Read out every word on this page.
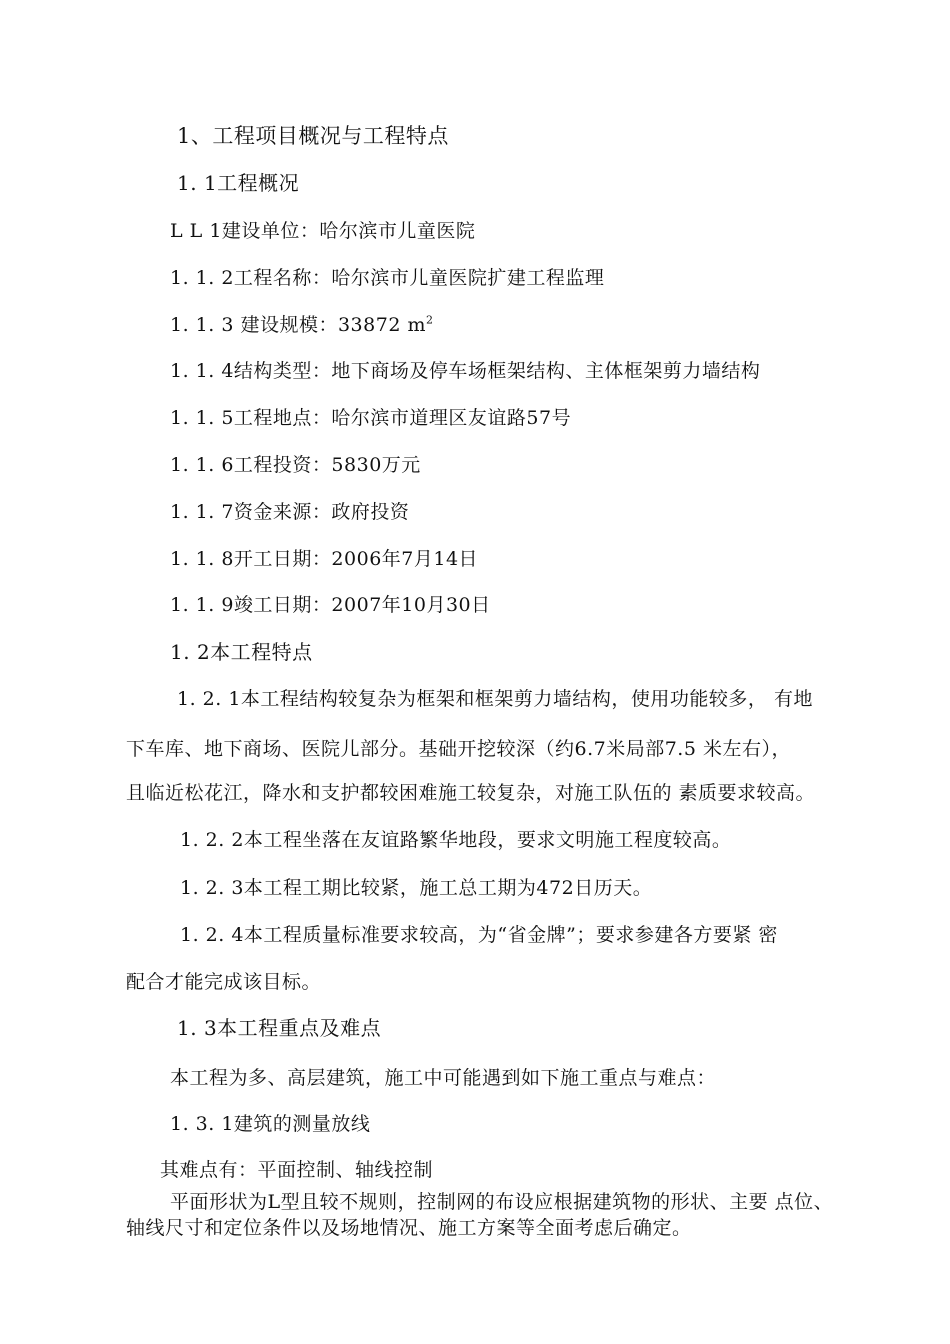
1、工程项目概况与工程特点
1. 1工程概况
L L 1建设单位：哈尔滨市儿童医院
1. 1. 2工程名称：哈尔滨市儿童医院扩建工程监理
1. 1. 3 建设规模：33872 $m^2$
1. 1. 4结构类型：地下商场及停车场框架结构、主体框架剪力墙结构
1. 1. 5工程地点：哈尔滨市道理区友谊路57号
1. 1. 6工程投资：5830万元
1. 1. 7资金来源：政府投资
1. 1. 8开工日期：2006年7月14日
1. 1. 9竣工日期：2007年10月30日
1. 2本工程特点
1. 2. 1本工程结构较复杂为框架和框架剪力墙结构，使用功能较多， 有地
下车库、地下商场、医院儿部分。基础开挖较深（约6.7米局部7.5 米左右），
且临近松花江，降水和支护都较困难施工较复杂，对施工队伍的 素质要求较高。
1. 2. 2本工程坐落在友谊路繁华地段，要求文明施工程度较高。
1. 2. 3本工程工期比较紧，施工总工期为472日历天。
1. 2. 4本工程质量标准要求较高，为“省金牌”；要求参建各方要紧 密
配合才能完成该目标。
1. 3本工程重点及难点
本工程为多、高层建筑，施工中可能遇到如下施工重点与难点：
1. 3. 1建筑的测量放线
其难点有：平面控制、轴线控制
平面形状为L型且较不规则，控制网的布设应根据建筑物的形状、主要 点位、
轴线尺寸和定位条件以及场地情况、施工方案等全面考虑后确定。
